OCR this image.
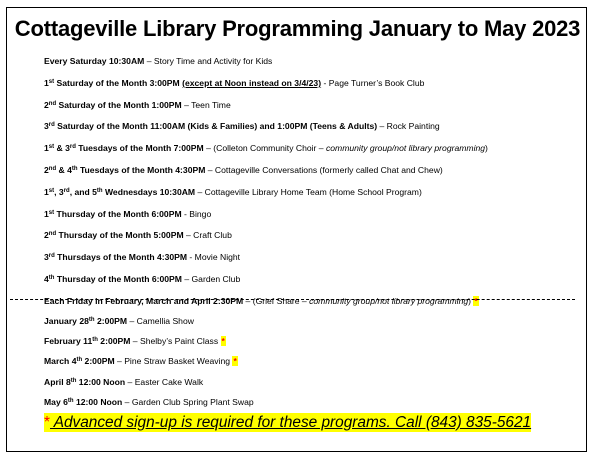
Cottageville Library Programming January to May 2023
Every Saturday 10:30AM – Story Time and Activity for Kids
1st Saturday of the Month 3:00PM (except at Noon instead on 3/4/23) - Page Turner’s Book Club
2nd Saturday of the Month 1:00PM – Teen Time
3rd Saturday of the Month 11:00AM (Kids & Families) and 1:00PM (Teens & Adults) – Rock Painting
1st & 3rd Tuesdays of the Month 7:00PM – (Colleton Community Choir – community group/not library programming)
2nd & 4th Tuesdays of the Month 4:30PM – Cottageville Conversations (formerly called Chat and Chew)
1st, 3rd, and 5th Wednesdays 10:30AM – Cottageville Library Home Team (Home School Program)
1st Thursday of the Month 6:00PM - Bingo
2nd Thursday of the Month 5:00PM – Craft Club
3rd Thursdays of the Month 4:30PM - Movie Night
4th Thursday of the Month 6:00PM – Garden Club
Each Friday in February, March and April 2:30PM – (Grief Share – community group/not library programming) *
January 28th 2:00PM – Camellia Show
February 11th 2:00PM – Shelby’s Paint Class *
March 4th 2:00PM – Pine Straw Basket Weaving *
April 8th 12:00 Noon – Easter Cake Walk
May 6th 12:00 Noon – Garden Club Spring Plant Swap
* Advanced sign-up is required for these programs. Call (843) 835-5621
